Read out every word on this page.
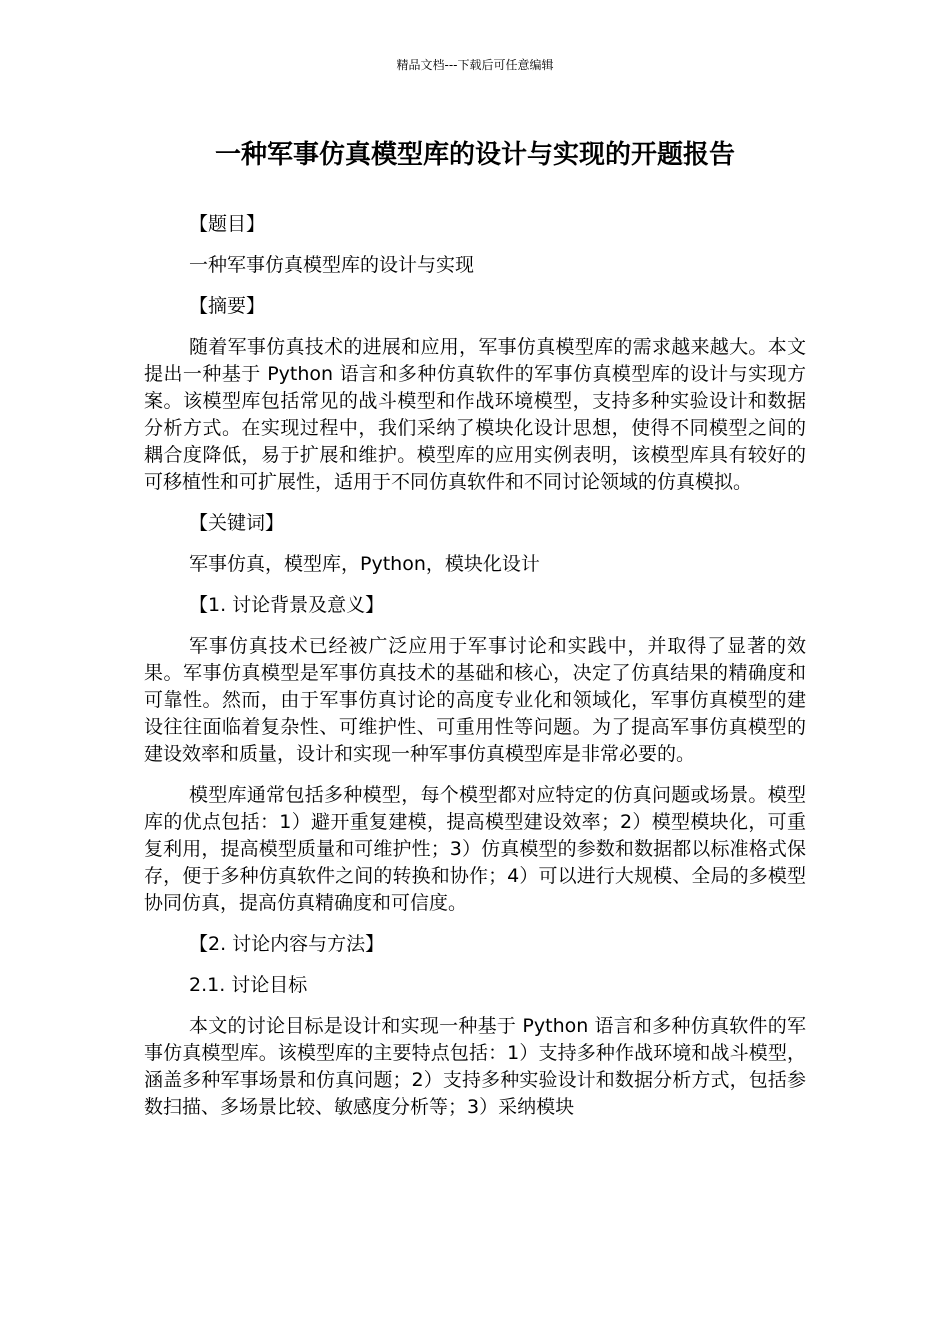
精品文档---下载后可任意编辑
一种军事仿真模型库的设计与实现的开题报告

【题目】

一种军事仿真模型库的设计与实现

【摘要】

随着军事仿真技术的进展和应用，军事仿真模型库的需求越来越大。本文提出一种基于 Python 语言和多种仿真软件的军事仿真模型库的设计与实现方案。该模型库包括常见的战斗模型和作战环境模型，支持多种实验设计和数据分析方式。在实现过程中，我们采纳了模块化设计思想，使得不同模型之间的耦合度降低，易于扩展和维护。模型库的应用实例表明，该模型库具有较好的可移植性和可扩展性，适用于不同仿真软件和不同讨论领域的仿真模拟。

【关键词】

军事仿真，模型库，Python，模块化设计

【1. 讨论背景及意义】

军事仿真技术已经被广泛应用于军事讨论和实践中，并取得了显著的效果。军事仿真模型是军事仿真技术的基础和核心，决定了仿真结果的精确度和可靠性。然而，由于军事仿真讨论的高度专业化和领域化，军事仿真模型的建设往往面临着复杂性、可维护性、可重用性等问题。为了提高军事仿真模型的建设效率和质量，设计和实现一种军事仿真模型库是非常必要的。

模型库通常包括多种模型，每个模型都对应特定的仿真问题或场景。模型库的优点包括：1）避开重复建模，提高模型建设效率；2）模型模块化，可重复利用，提高模型质量和可维护性；3）仿真模型的参数和数据都以标准格式保存，便于多种仿真软件之间的转换和协作；4）可以进行大规模、全局的多模型协同仿真，提高仿真精确度和可信度。

【2. 讨论内容与方法】

2.1. 讨论目标

本文的讨论目标是设计和实现一种基于 Python 语言和多种仿真软件的军事仿真模型库。该模型库的主要特点包括：1）支持多种作战环境和战斗模型，涵盖多种军事场景和仿真问题；2）支持多种实验设计和数据分析方式，包括参数扫描、多场景比较、敏感度分析等；3）采纳模块
